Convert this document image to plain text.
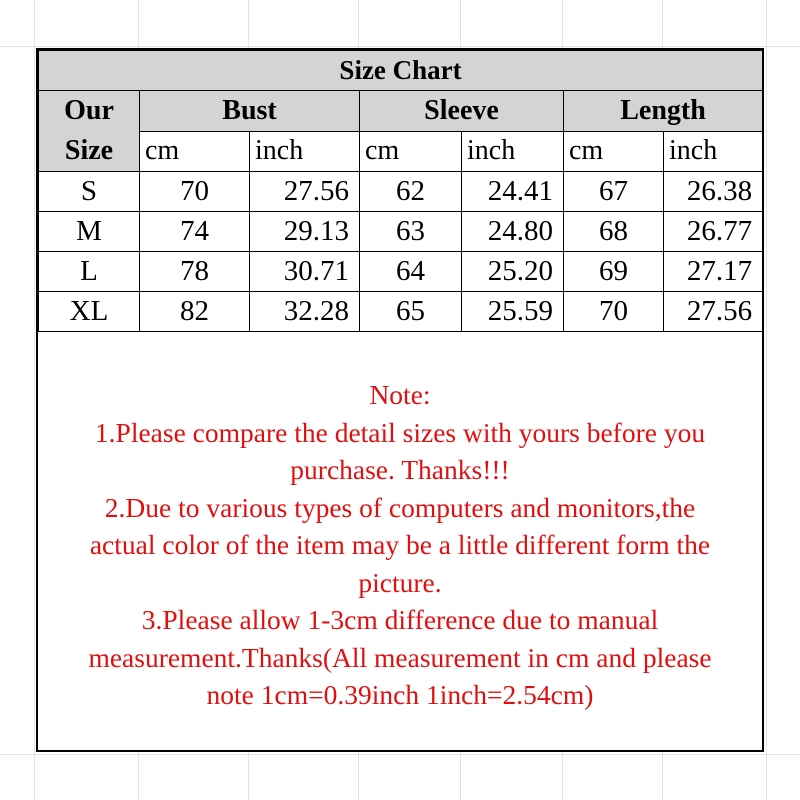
Size Chart						

Our
Size	Bust		Sleeve		Length	
	cm	inch	cm	inch	cm	inch
S	70	27.56	62	24.41	67	26.38
M	74	29.13	63	24.80	68	26.77
L	78	30.71	64	25.20	69	27.17
XL	82	32.28	65	25.59	70	27.56
Note:
1.Please compare the detail sizes with yours before you
purchase. Thanks!!!
2.Due to various types of computers and monitors,the
actual color of the item may be a little different form the
picture.
3.Please allow 1-3cm difference due to manual
measurement.Thanks(All measurement in cm and please
note 1cm=0.39inch 1inch=2.54cm)
